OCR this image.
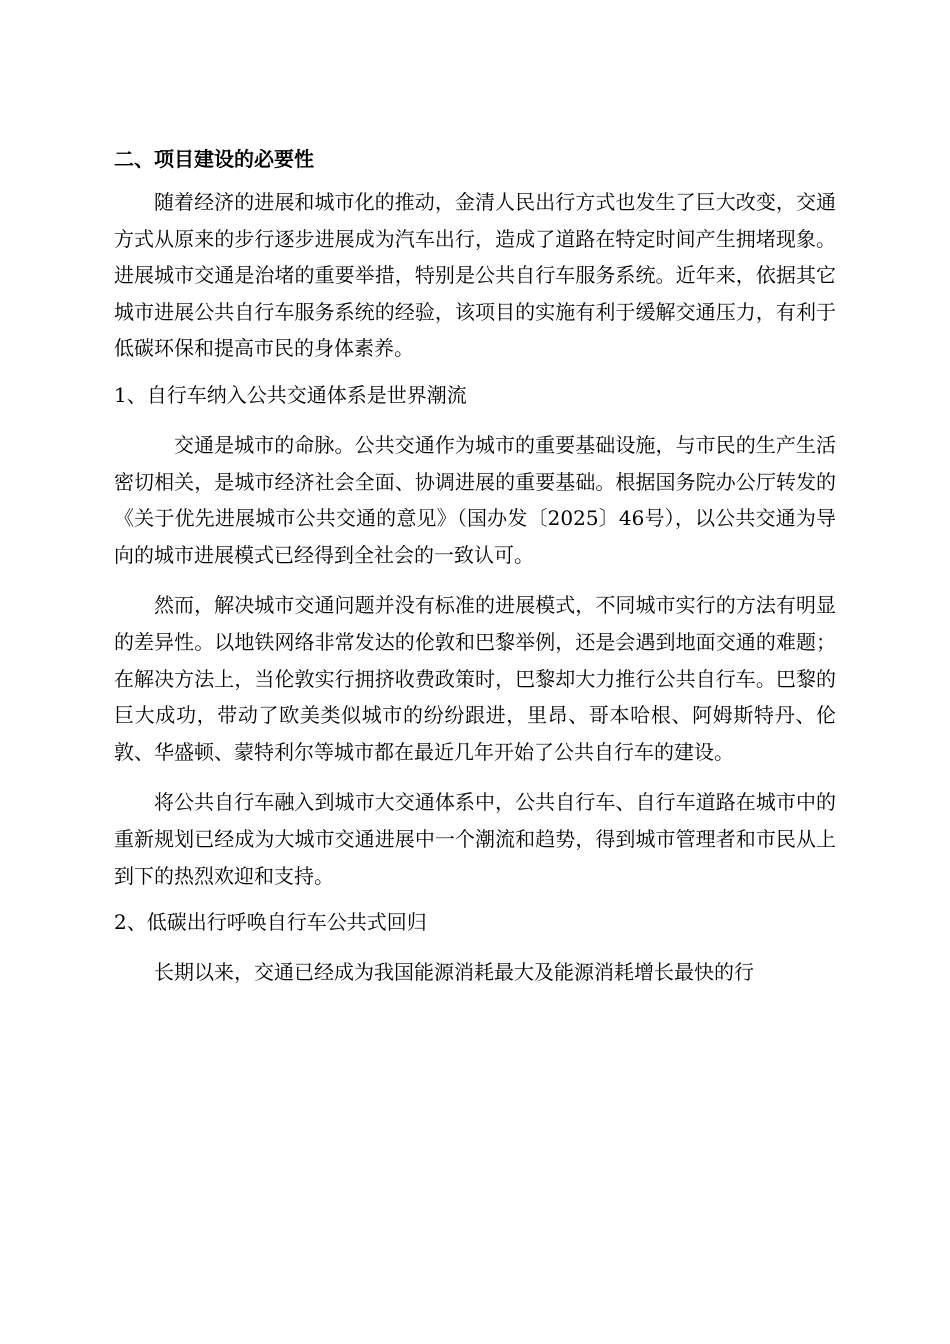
二、项目建设的必要性

随着经济的进展和城市化的推动，金清人民出行方式也发生了巨大改变，交通方式从原来的步行逐步进展成为汽车出行，造成了道路在特定时间产生拥堵现象。进展城市交通是治堵的重要举措，特别是公共自行车服务系统。近年来，依据其它城市进展公共自行车服务系统的经验，该项目的实施有利于缓解交通压力，有利于低碳环保和提高市民的身体素养。

1、自行车纳入公共交通体系是世界潮流

交通是城市的命脉。公共交通作为城市的重要基础设施，与市民的生产生活密切相关，是城市经济社会全面、协调进展的重要基础。根据国务院办公厅转发的《关于优先进展城市公共交通的意见》（国办发〔2025〕46号），以公共交通为导向的城市进展模式已经得到全社会的一致认可。

然而，解决城市交通问题并没有标准的进展模式，不同城市实行的方法有明显的差异性。以地铁网络非常发达的伦敦和巴黎举例，还是会遇到地面交通的难题；在解决方法上，当伦敦实行拥挤收费政策时，巴黎却大力推行公共自行车。巴黎的巨大成功，带动了欧美类似城市的纷纷跟进，里昂、哥本哈根、阿姆斯特丹、伦敦、华盛顿、蒙特利尔等城市都在最近几年开始了公共自行车的建设。

将公共自行车融入到城市大交通体系中，公共自行车、自行车道路在城市中的重新规划已经成为大城市交通进展中一个潮流和趋势，得到城市管理者和市民从上到下的热烈欢迎和支持。

2、低碳出行呼唤自行车公共式回归

长期以来，交通已经成为我国能源消耗最大及能源消耗增长最快的行
